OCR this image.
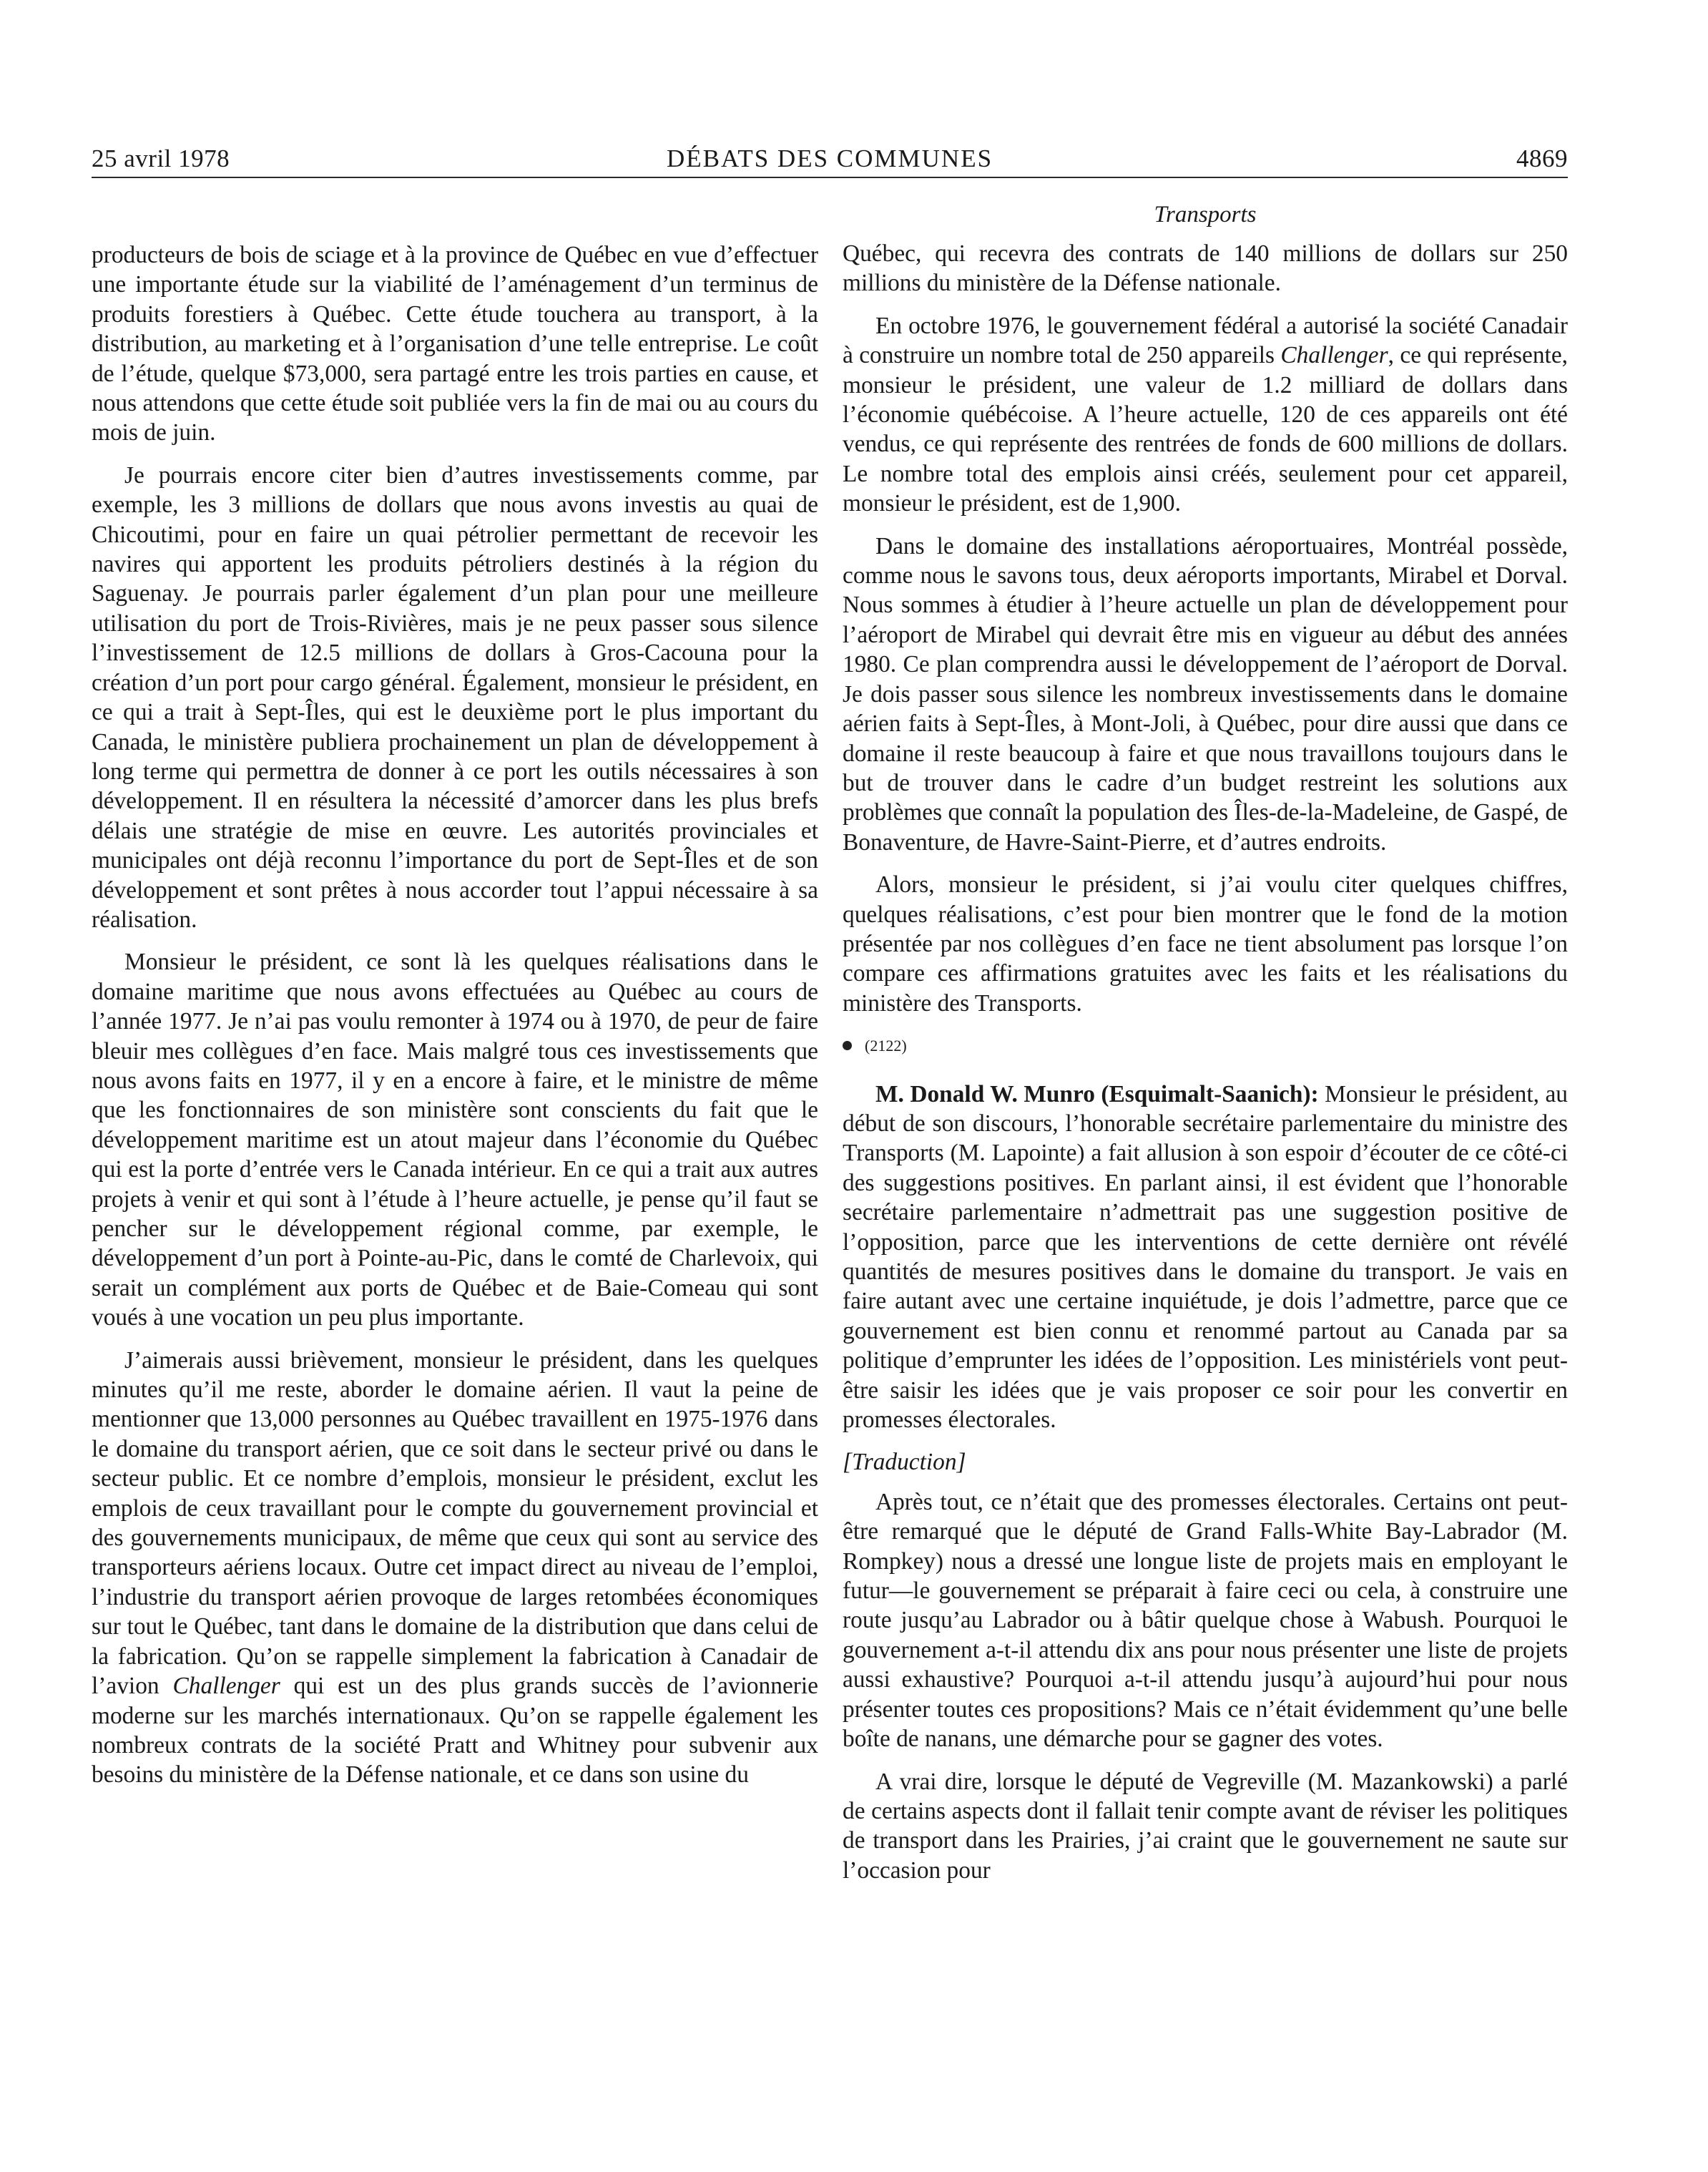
25 avril 1978	DÉBATS DES COMMUNES	4869
Transports

producteurs de bois de sciage et à la province de Québec en vue d’effectuer une importante étude sur la viabilité de l’aménagement d’un terminus de produits forestiers à Québec. Cette étude touchera au transport, à la distribution, au marketing et à l’organisation d’une telle entreprise. Le coût de l’étude, quelque $73,000, sera partagé entre les trois parties en cause, et nous attendons que cette étude soit publiée vers la fin de mai ou au cours du mois de juin.

Je pourrais encore citer bien d’autres investissements comme, par exemple, les 3 millions de dollars que nous avons investis au quai de Chicoutimi, pour en faire un quai pétrolier permettant de recevoir les navires qui apportent les produits pétroliers destinés à la région du Saguenay. Je pourrais parler également d’un plan pour une meilleure utilisation du port de Trois-Rivières, mais je ne peux passer sous silence l’investissement de 12.5 millions de dollars à Gros-Cacouna pour la création d’un port pour cargo général. Également, monsieur le président, en ce qui a trait à Sept-Îles, qui est le deuxième port le plus important du Canada, le ministère publiera prochainement un plan de développement à long terme qui permettra de donner à ce port les outils nécessaires à son développement. Il en résultera la nécessité d’amorcer dans les plus brefs délais une stratégie de mise en œuvre. Les autorités provinciales et municipales ont déjà reconnu l’importance du port de Sept-Îles et de son développement et sont prêtes à nous accorder tout l’appui nécessaire à sa réalisation.

Monsieur le président, ce sont là les quelques réalisations dans le domaine maritime que nous avons effectuées au Québec au cours de l’année 1977. Je n’ai pas voulu remonter à 1974 ou à 1970, de peur de faire bleuir mes collègues d’en face. Mais malgré tous ces investissements que nous avons faits en 1977, il y en a encore à faire, et le ministre de même que les fonctionnaires de son ministère sont conscients du fait que le développement maritime est un atout majeur dans l’économie du Québec qui est la porte d’entrée vers le Canada intérieur. En ce qui a trait aux autres projets à venir et qui sont à l’étude à l’heure actuelle, je pense qu’il faut se pencher sur le développement régional comme, par exemple, le développement d’un port à Pointe-au-Pic, dans le comté de Charlevoix, qui serait un complément aux ports de Québec et de Baie-Comeau qui sont voués à une vocation un peu plus importante.

J’aimerais aussi brièvement, monsieur le président, dans les quelques minutes qu’il me reste, aborder le domaine aérien. Il vaut la peine de mentionner que 13,000 personnes au Québec travaillent en 1975-1976 dans le domaine du transport aérien, que ce soit dans le secteur privé ou dans le secteur public. Et ce nombre d’emplois, monsieur le président, exclut les emplois de ceux travaillant pour le compte du gouvernement provincial et des gouvernements municipaux, de même que ceux qui sont au service des transporteurs aériens locaux. Outre cet impact direct au niveau de l’emploi, l’industrie du transport aérien provoque de larges retombées économiques sur tout le Québec, tant dans le domaine de la distribution que dans celui de la fabrication. Qu’on se rappelle simplement la fabrication à Canadair de l’avion Challenger qui est un des plus grands succès de l’avionnerie moderne sur les marchés internationaux. Qu’on se rappelle également les nombreux contrats de la société Pratt and Whitney pour subvenir aux besoins du ministère de la Défense nationale, et ce dans son usine du

Québec, qui recevra des contrats de 140 millions de dollars sur 250 millions du ministère de la Défense nationale.

En octobre 1976, le gouvernement fédéral a autorisé la société Canadair à construire un nombre total de 250 appareils Challenger, ce qui représente, monsieur le président, une valeur de 1.2 milliard de dollars dans l’économie québécoise. A l’heure actuelle, 120 de ces appareils ont été vendus, ce qui représente des rentrées de fonds de 600 millions de dollars. Le nombre total des emplois ainsi créés, seulement pour cet appareil, monsieur le président, est de 1,900.

Dans le domaine des installations aéroportuaires, Montréal possède, comme nous le savons tous, deux aéroports importants, Mirabel et Dorval. Nous sommes à étudier à l’heure actuelle un plan de développement pour l’aéroport de Mirabel qui devrait être mis en vigueur au début des années 1980. Ce plan comprendra aussi le développement de l’aéroport de Dorval. Je dois passer sous silence les nombreux investissements dans le domaine aérien faits à Sept-Îles, à Mont-Joli, à Québec, pour dire aussi que dans ce domaine il reste beaucoup à faire et que nous travaillons toujours dans le but de trouver dans le cadre d’un budget restreint les solutions aux problèmes que connaît la population des Îles-de-la-Madeleine, de Gaspé, de Bonaventure, de Havre-Saint-Pierre, et d’autres endroits.

Alors, monsieur le président, si j’ai voulu citer quelques chiffres, quelques réalisations, c’est pour bien montrer que le fond de la motion présentée par nos collègues d’en face ne tient absolument pas lorsque l’on compare ces affirmations gratuites avec les faits et les réalisations du ministère des Transports.

(2122)

M. Donald W. Munro (Esquimalt-Saanich): Monsieur le président, au début de son discours, l’honorable secrétaire parlementaire du ministre des Transports (M. Lapointe) a fait allusion à son espoir d’écouter de ce côté-ci des suggestions positives. En parlant ainsi, il est évident que l’honorable secrétaire parlementaire n’admettrait pas une suggestion positive de l’opposition, parce que les interventions de cette dernière ont révélé quantités de mesures positives dans le domaine du transport. Je vais en faire autant avec une certaine inquiétude, je dois l’admettre, parce que ce gouvernement est bien connu et renommé partout au Canada par sa politique d’emprunter les idées de l’opposition. Les ministériels vont peut-être saisir les idées que je vais proposer ce soir pour les convertir en promesses électorales.

[Traduction]

Après tout, ce n’était que des promesses électorales. Certains ont peut-être remarqué que le député de Grand Falls-White Bay-Labrador (M. Rompkey) nous a dressé une longue liste de projets mais en employant le futur—le gouvernement se préparait à faire ceci ou cela, à construire une route jusqu’au Labrador ou à bâtir quelque chose à Wabush. Pourquoi le gouvernement a-t-il attendu dix ans pour nous présenter une liste de projets aussi exhaustive? Pourquoi a-t-il attendu jusqu’à aujourd’hui pour nous présenter toutes ces propositions? Mais ce n’était évidemment qu’une belle boîte de nanans, une démarche pour se gagner des votes.

A vrai dire, lorsque le député de Vegreville (M. Mazankowski) a parlé de certains aspects dont il fallait tenir compte avant de réviser les politiques de transport dans les Prairies, j’ai craint que le gouvernement ne saute sur l’occasion pour
